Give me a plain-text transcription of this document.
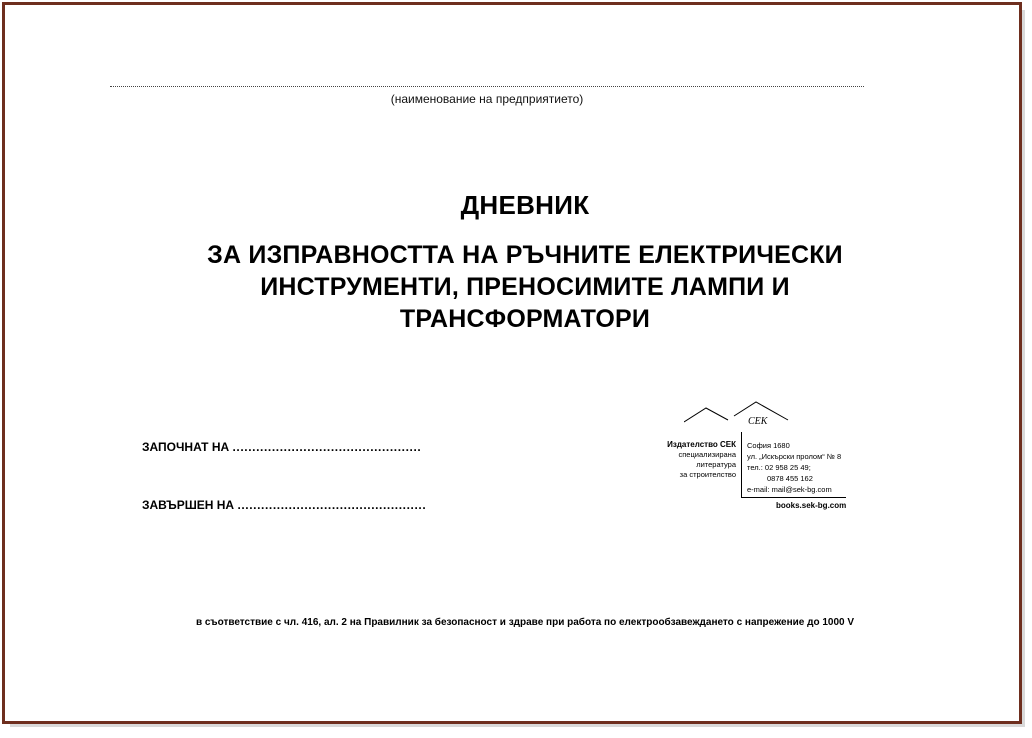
(наименование на предприятието)
ДНЕВНИК
ЗА ИЗПРАВНОСТТА НА РЪЧНИТЕ ЕЛЕКТРИЧЕСКИ
ИНСТРУМЕНТИ, ПРЕНОСИМИТЕ ЛАМПИ И
ТРАНСФОРМАТОРИ
ЗАПОЧНАТ НА ................................................
ЗАВЪРШЕН НА ................................................
СЕК
Издателство СЕК
специализирана
литература
за строителство
София 1680
ул. „Искърски пролом“ № 8
тел.: 02 958 25 49;
0878 455 162
e-mail: mail@sek-bg.com
books.sek-bg.com
в съответствие с чл. 416, ал. 2 на Правилник за безопасност и здраве при работа по електрообзавеждането с напрежение до 1000 V
